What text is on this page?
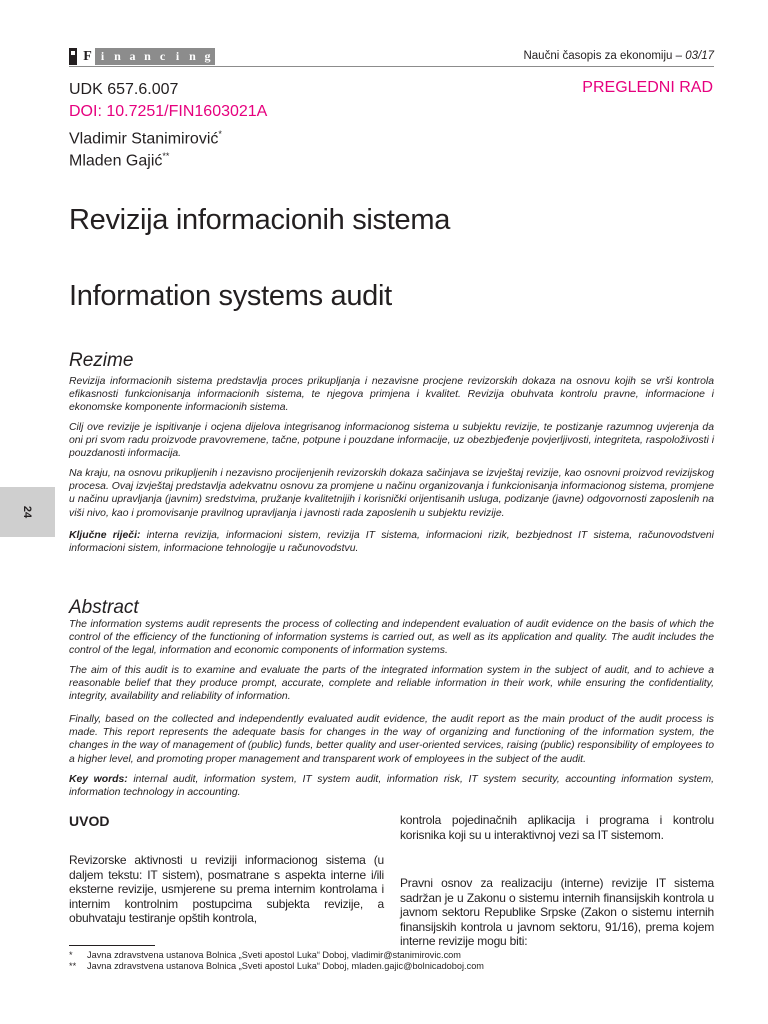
F i n a n c i n g	Naučni časopis za ekonomiju – 03/17
UDK 657.6.007
DOI: 10.7251/FIN1603021A
Vladimir Stanimirović*
Mladen Gajić**
PREGLEDNI RAD
Revizija informacionih sistema
Information systems audit
Rezime

Revizija informacionih sistema predstavlja proces prikupljanja i nezavisne procjene revizorskih dokaza na osnovu kojih se vrši kontrola efikasnosti funkcionisanja informacionih sistema, te njegova primjena i kvalitet. Revizija obuhvata kontrolu pravne, informacione i ekonomske komponente informacionih sistema.

Cilj ove revizije je ispitivanje i ocjena dijelova integrisanog informacionog sistema u subjektu revizije, te postizanje razumnog uvjerenja da oni pri svom radu proizvode pravovremene, tačne, potpune i pouzdane informacije, uz obezbjeđenje povjerljivosti, integriteta, raspoloživosti i pouzdanosti informacija.

Na kraju, na osnovu prikupljenih i nezavisno procijenjenih revizorskih dokaza sačinjava se izvještaj revizije, kao osnovni proizvod revizijskog procesa. Ovaj izvještaj predstavlja adekvatnu osnovu za promjene u načinu organizovanja i funkcionisanja informacionog sistema, promjene u načinu upravljanja (javnim) sredstvima, pružanje kvalitetnijih i korisnički orijentisanih usluga, podizanje (javne) odgovornosti zaposlenih na viši nivo, kao i promovisanje pravilnog upravljanja i javnosti rada zaposlenih u subjektu revizije.

Ključne riječi: interna revizija, informacioni sistem, revizija IT sistema, informacioni rizik, bezbjednost IT sistema, računovodstveni informacioni sistem, informacione tehnologije u računovodstvu.

24
Abstract

The information systems audit represents the process of collecting and independent evaluation of audit evidence on the basis of which the control of the efficiency of the functioning of information systems is carried out, as well as its application and quality. The audit includes the control of the legal, information and economic components of information systems.

The aim of this audit is to examine and evaluate the parts of the integrated information system in the subject of audit, and to achieve a reasonable belief that they produce prompt, accurate, complete and reliable information in their work, while ensuring the confidentiality, integrity, availability and reliability of information.

Finally, based on the collected and independently evaluated audit evidence, the audit report as the main product of the audit process is made. This report represents the adequate basis for changes in the way of organizing and functioning of the information system, the changes in the way of management of (public) funds, better quality and user-oriented services, raising (public) responsibility of employees to a higher level, and promoting proper management and transparent work of employees in the subject of the audit.

Key words: internal audit, information system, IT system audit, information risk, IT system security, accounting information system, information technology in accounting.

UVOD

Revizorske aktivnosti u reviziji informacionog sistema (u daljem tekstu: IT sistem), posmatrane s aspekta interne i/ili eksterne revizije, usmjerene su prema internim kontrolama i internim kontrolnim postupcima subjekta revizije, a obuhvataju testiranje opštih kontrola,

kontrola pojedinačnih aplikacija i programa i kontrolu korisnika koji su u interaktivnoj vezi sa IT sistemom.

Pravni osnov za realizaciju (interne) revizije IT sistema sadržan je u Zakonu o sistemu internih finansijskih kontrola u javnom sektoru Republike Srpske (Zakon o sistemu internih finansijskih kontrola u javnom sektoru, 91/16), prema kojem interne revizije mogu biti:

* Javna zdravstvena ustanova Bolnica „Sveti apostol Luka“ Doboj, vladimir@stanimirovic.com
** Javna zdravstvena ustanova Bolnica „Sveti apostol Luka“ Doboj, mladen.gajic@bolnicadoboj.com
